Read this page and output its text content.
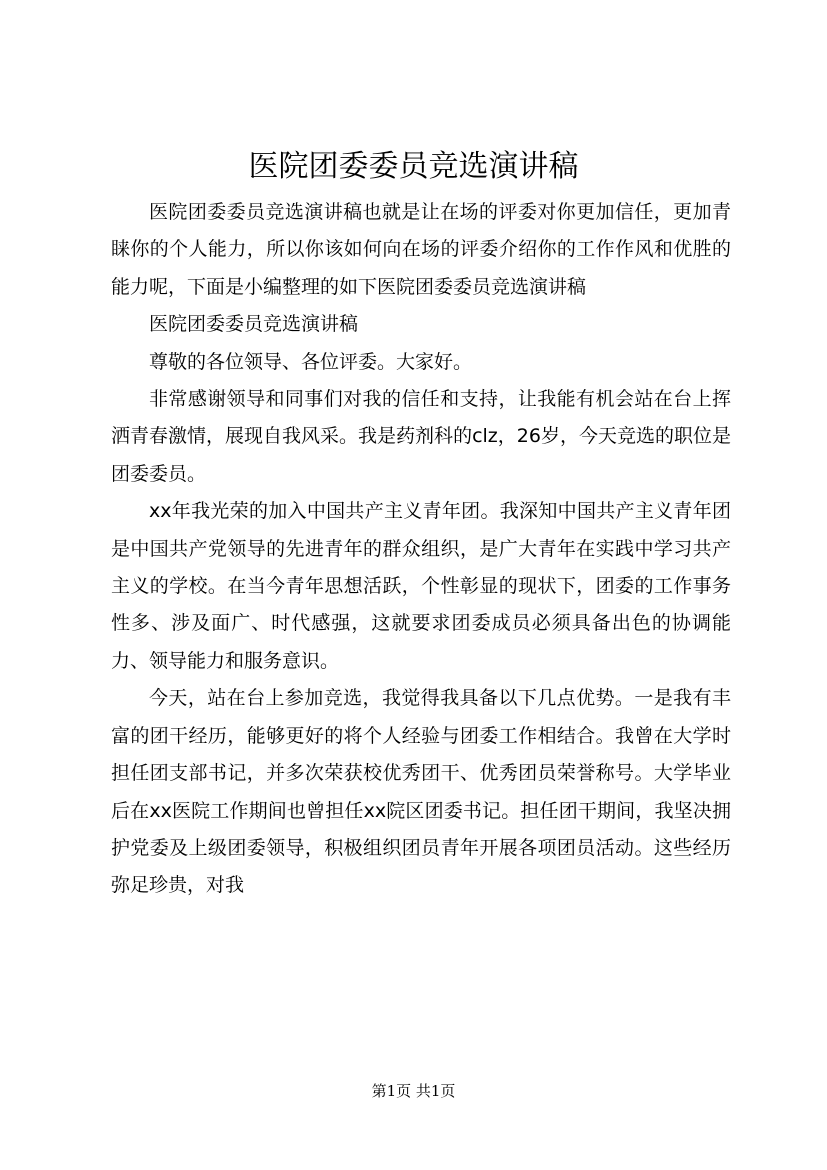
医院团委委员竞选演讲稿

医院团委委员竞选演讲稿也就是让在场的评委对你更加信任，更加青睐你的个人能力，所以你该如何向在场的评委介绍你的工作作风和优胜的能力呢，下面是小编整理的如下医院团委委员竞选演讲稿

医院团委委员竞选演讲稿

尊敬的各位领导、各位评委。大家好。

非常感谢领导和同事们对我的信任和支持，让我能有机会站在台上挥洒青春激情，展现自我风采。我是药剂科的clz，26岁，今天竞选的职位是团委委员。

xx年我光荣的加入中国共产主义青年团。我深知中国共产主义青年团是中国共产党领导的先进青年的群众组织，是广大青年在实践中学习共产主义的学校。在当今青年思想活跃，个性彰显的现状下，团委的工作事务性多、涉及面广、时代感强，这就要求团委成员必须具备出色的协调能力、领导能力和服务意识。

今天，站在台上参加竞选，我觉得我具备以下几点优势。一是我有丰富的团干经历，能够更好的将个人经验与团委工作相结合。我曾在大学时担任团支部书记，并多次荣获校优秀团干、优秀团员荣誉称号。大学毕业后在xx医院工作期间也曾担任xx院区团委书记。担任团干期间，我坚决拥护党委及上级团委领导，积极组织团员青年开展各项团员活动。这些经历弥足珍贵，对我

第1页 共1页
